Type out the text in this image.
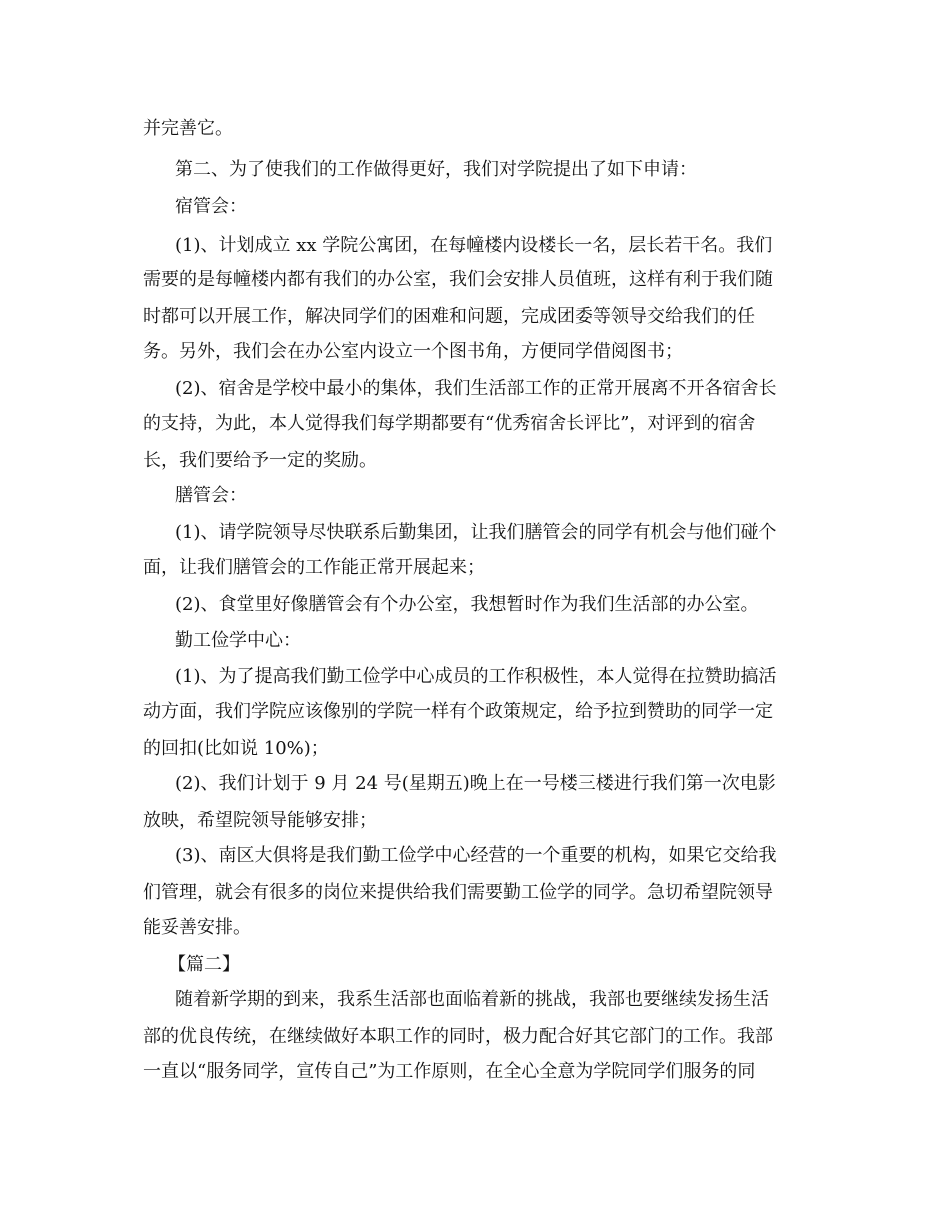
并完善它。
第二、为了使我们的工作做得更好，我们对学院提出了如下申请：
宿管会：
(1)、计划成立 xx 学院公寓团，在每幢楼内设楼长一名，层长若干名。我们
需要的是每幢楼内都有我们的办公室，我们会安排人员值班，这样有利于我们随
时都可以开展工作，解决同学们的困难和问题，完成团委等领导交给我们的任
务。另外，我们会在办公室内设立一个图书角，方便同学借阅图书；
(2)、宿舍是学校中最小的集体，我们生活部工作的正常开展离不开各宿舍长
的支持，为此，本人觉得我们每学期都要有“优秀宿舍长评比”，对评到的宿舍
长，我们要给予一定的奖励。
膳管会：
(1)、请学院领导尽快联系后勤集团，让我们膳管会的同学有机会与他们碰个
面，让我们膳管会的工作能正常开展起来；
(2)、食堂里好像膳管会有个办公室，我想暂时作为我们生活部的办公室。
勤工俭学中心：
(1)、为了提高我们勤工俭学中心成员的工作积极性，本人觉得在拉赞助搞活
动方面，我们学院应该像别的学院一样有个政策规定，给予拉到赞助的同学一定
的回扣(比如说 10%)；
(2)、我们计划于 9 月 24 号(星期五)晚上在一号楼三楼进行我们第一次电影
放映，希望院领导能够安排；
(3)、南区大俱将是我们勤工俭学中心经营的一个重要的机构，如果它交给我
们管理，就会有很多的岗位来提供给我们需要勤工俭学的同学。急切希望院领导
能妥善安排。
【篇二】
随着新学期的到来，我系生活部也面临着新的挑战，我部也要继续发扬生活
部的优良传统，在继续做好本职工作的同时，极力配合好其它部门的工作。我部
一直以“服务同学，宣传自己”为工作原则，在全心全意为学院同学们服务的同
